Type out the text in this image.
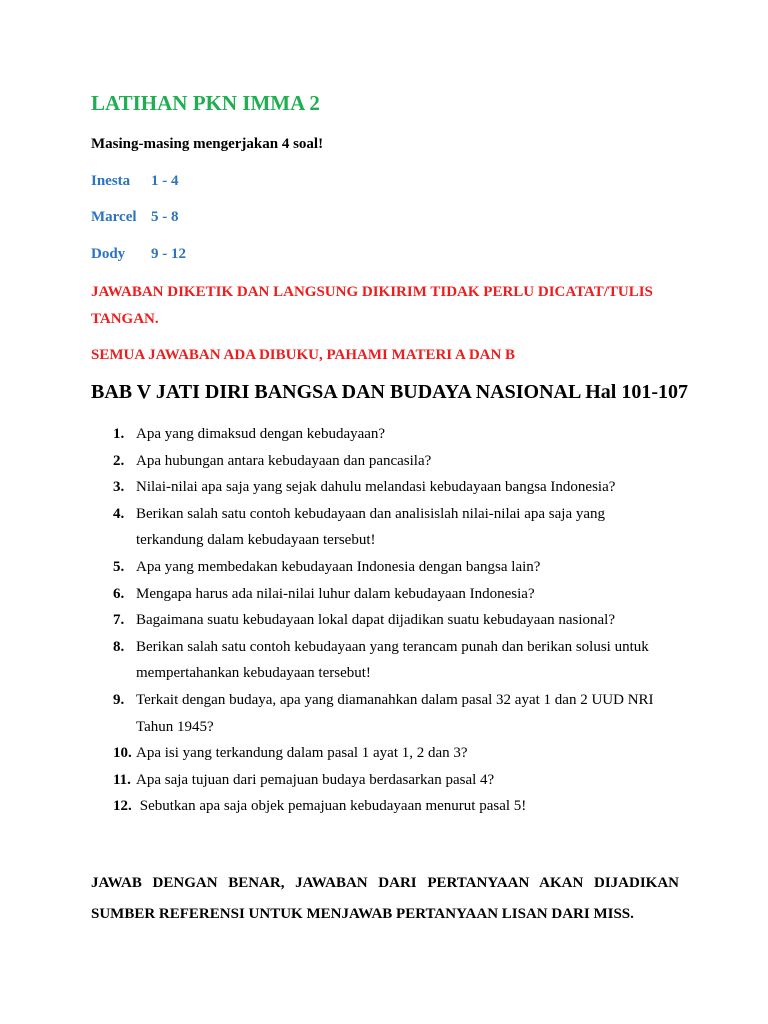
LATIHAN PKN IMMA 2
Masing-masing mengerjakan 4 soal!
Inesta 1 - 4
Marcel 5 - 8
Dody 9 - 12
JAWABAN DIKETIK DAN LANGSUNG DIKIRIM TIDAK PERLU DICATAT/TULIS TANGAN.
SEMUA JAWABAN ADA DIBUKU, PAHAMI MATERI A DAN B
BAB V JATI DIRI BANGSA DAN BUDAYA NASIONAL Hal 101-107
1. Apa yang dimaksud dengan kebudayaan?
2. Apa hubungan antara kebudayaan dan pancasila?
3. Nilai-nilai apa saja yang sejak dahulu melandasi kebudayaan bangsa Indonesia?
4. Berikan salah satu contoh kebudayaan dan analisislah nilai-nilai apa saja yang terkandung dalam kebudayaan tersebut!
5. Apa yang membedakan kebudayaan Indonesia dengan bangsa lain?
6. Mengapa harus ada nilai-nilai luhur dalam kebudayaan Indonesia?
7. Bagaimana suatu kebudayaan lokal dapat dijadikan suatu kebudayaan nasional?
8. Berikan salah satu contoh kebudayaan yang terancam punah dan berikan solusi untuk mempertahankan kebudayaan tersebut!
9. Terkait dengan budaya, apa yang diamanahkan dalam pasal 32 ayat 1 dan 2 UUD NRI Tahun 1945?
10. Apa isi yang terkandung dalam pasal 1 ayat 1, 2 dan 3?
11. Apa saja tujuan dari pemajuan budaya berdasarkan pasal 4?
12. Sebutkan apa saja objek pemajuan kebudayaan menurut pasal 5!
JAWAB DENGAN BENAR, JAWABAN DARI PERTANYAAN AKAN DIJADIKAN SUMBER REFERENSI UNTUK MENJAWAB PERTANYAAN LISAN DARI MISS.
